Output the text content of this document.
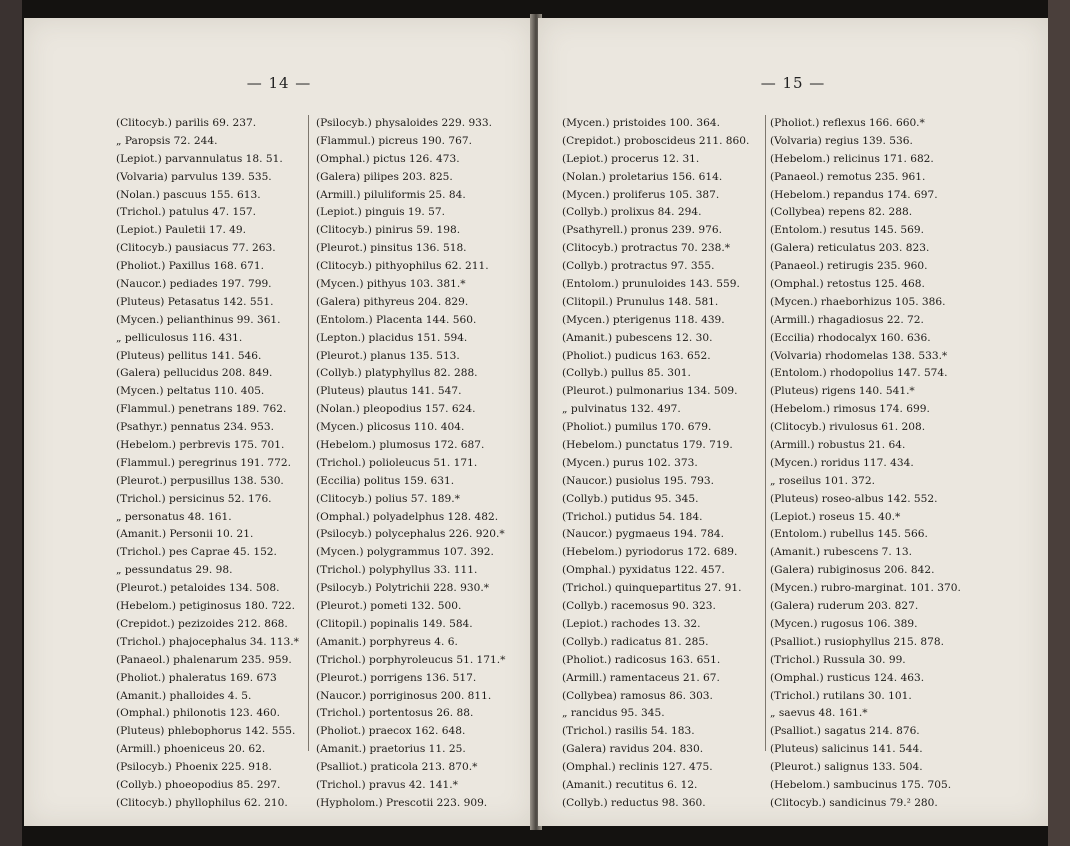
— 14 —
(Clitocyb.) parilis 69. 237.
„ Paropsis 72. 244.
(Lepiot.) parvannulatus 18. 51.
(Volvaria) parvulus 139. 535.
(Nolan.) pascuus 155. 613.
(Trichol.) patulus 47. 157.
(Lepiot.) Pauletii 17. 49.
(Clitocyb.) pausiacus 77. 263.
(Pholiot.) Paxillus 168. 671.
(Naucor.) pediades 197. 799.
(Pluteus) Petasatus 142. 551.
(Mycen.) pelianthinus 99. 361.
„ pelliculosus 116. 431.
(Pluteus) pellitus 141. 546.
(Galera) pellucidus 208. 849.
(Mycen.) peltatus 110. 405.
(Flammul.) penetrans 189. 762.
(Psathyr.) pennatus 234. 953.
(Hebelom.) perbrevis 175. 701.
(Flammul.) peregrinus 191. 772.
(Pleurot.) perpusillus 138. 530.
(Trichol.) persicinus 52. 176.
„ personatus 48. 161.
(Amanit.) Personii 10. 21.
(Trichol.) pes Caprae 45. 152.
„ pessundatus 29. 98.
(Pleurot.) petaloides 134. 508.
(Hebelom.) petiginosus 180. 722.
(Crepidot.) pezizoides 212. 868.
(Trichol.) phajocephalus 34. 113.*
(Panaeol.) phalenarum 235. 959.
(Pholiot.) phaleratus 169. 673
(Amanit.) phalloides 4. 5.
(Omphal.) philonotis 123. 460.
(Pluteus) phlebophorus 142. 555.
(Armill.) phoeniceus 20. 62.
(Psilocyb.) Phoenix 225. 918.
(Collyb.) phoeopodius 85. 297.
(Clitocyb.) phyllophilus 62. 210.
(Psilocyb.) physaloides 229. 933.
(Flammul.) picreus 190. 767.
(Omphal.) pictus 126. 473.
(Galera) pilipes 203. 825.
(Armill.) piluliformis 25. 84.
(Lepiot.) pinguis 19. 57.
(Clitocyb.) pinirus 59. 198.
(Pleurot.) pinsitus 136. 518.
(Clitocyb.) pithyophilus 62. 211.
(Mycen.) pithyus 103. 381.*
(Galera) pithyreus 204. 829.
(Entolom.) Placenta 144. 560.
(Lepton.) placidus 151. 594.
(Pleurot.) planus 135. 513.
(Collyb.) platyphyllus 82. 288.
(Pluteus) plautus 141. 547.
(Nolan.) pleopodius 157. 624.
(Mycen.) plicosus 110. 404.
(Hebelom.) plumosus 172. 687.
(Trichol.) polioleucus 51. 171.
(Eccilia) politus 159. 631.
(Clitocyb.) polius 57. 189.*
(Omphal.) polyadelphus 128. 482.
(Psilocyb.) polycephalus 226. 920.*
(Mycen.) polygrammus 107. 392.
(Trichol.) polyphyllus 33. 111.
(Psilocyb.) Polytrichii 228. 930.*
(Pleurot.) pometi 132. 500.
(Clitopil.) popinalis 149. 584.
(Amanit.) porphyreus 4. 6.
(Trichol.) porphyroleucus 51. 171.*
(Pleurot.) porrigens 136. 517.
(Naucor.) porriginosus 200. 811.
(Trichol.) portentosus 26. 88.
(Pholiot.) praecox 162. 648.
(Amanit.) praetorius 11. 25.
(Psalliot.) praticola 213. 870.*
(Trichol.) pravus 42. 141.*
(Hypholom.) Prescotii 223. 909.
— 15 —
(Mycen.) pristoides 100. 364.
(Crepidot.) proboscideus 211. 860.
(Lepiot.) procerus 12. 31.
(Nolan.) proletarius 156. 614.
(Mycen.) proliferus 105. 387.
(Collyb.) prolixus 84. 294.
(Psathyrell.) pronus 239. 976.
(Clitocyb.) protractus 70. 238.*
(Collyb.) protractus 97. 355.
(Entolom.) prunuloides 143. 559.
(Clitopil.) Prunulus 148. 581.
(Mycen.) pterigenus 118. 439.
(Amanit.) pubescens 12. 30.
(Pholiot.) pudicus 163. 652.
(Collyb.) pullus 85. 301.
(Pleurot.) pulmonarius 134. 509.
„ pulvinatus 132. 497.
(Pholiot.) pumilus 170. 679.
(Hebelom.) punctatus 179. 719.
(Mycen.) purus 102. 373.
(Naucor.) pusiolus 195. 793.
(Collyb.) putidus 95. 345.
(Trichol.) putidus 54. 184.
(Naucor.) pygmaeus 194. 784.
(Hebelom.) pyriodorus 172. 689.
(Omphal.) pyxidatus 122. 457.
(Trichol.) quinquepartitus 27. 91.
(Collyb.) racemosus 90. 323.
(Lepiot.) rachodes 13. 32.
(Collyb.) radicatus 81. 285.
(Pholiot.) radicosus 163. 651.
(Armill.) ramentaceus 21. 67.
(Collybea) ramosus 86. 303.
„ rancidus 95. 345.
(Trichol.) rasilis 54. 183.
(Galera) ravidus 204. 830.
(Omphal.) reclinis 127. 475.
(Amanit.) recutitus 6. 12.
(Collyb.) reductus 98. 360.
(Pholiot.) reflexus 166. 660.*
(Volvaria) regius 139. 536.
(Hebelom.) relicinus 171. 682.
(Panaeol.) remotus 235. 961.
(Hebelom.) repandus 174. 697.
(Collybea) repens 82. 288.
(Entolom.) resutus 145. 569.
(Galera) reticulatus 203. 823.
(Panaeol.) retirugis 235. 960.
(Omphal.) retostus 125. 468.
(Mycen.) rhaeborhizus 105. 386.
(Armill.) rhagadiosus 22. 72.
(Eccilia) rhodocalyx 160. 636.
(Volvaria) rhodomelas 138. 533.*
(Entolom.) rhodopolius 147. 574.
(Pluteus) rigens 140. 541.*
(Hebelom.) rimosus 174. 699.
(Clitocyb.) rivulosus 61. 208.
(Armill.) robustus 21. 64.
(Mycen.) roridus 117. 434.
„ roseilus 101. 372.
(Pluteus) roseo-albus 142. 552.
(Lepiot.) roseus 15. 40.*
(Entolom.) rubellus 145. 566.
(Amanit.) rubescens 7. 13.
(Galera) rubiginosus 206. 842.
(Mycen.) rubro-marginat. 101. 370.
(Galera) ruderum 203. 827.
(Mycen.) rugosus 106. 389.
(Psalliot.) rusiophyllus 215. 878.
(Trichol.) Russula 30. 99.
(Omphal.) rusticus 124. 463.
(Trichol.) rutilans 30. 101.
„ saevus 48. 161.*
(Psalliot.) sagatus 214. 876.
(Pluteus) salicinus 141. 544.
(Pleurot.) salignus 133. 504.
(Hebelom.) sambucinus 175. 705.
(Clitocyb.) sandicinus 79.² 280.
